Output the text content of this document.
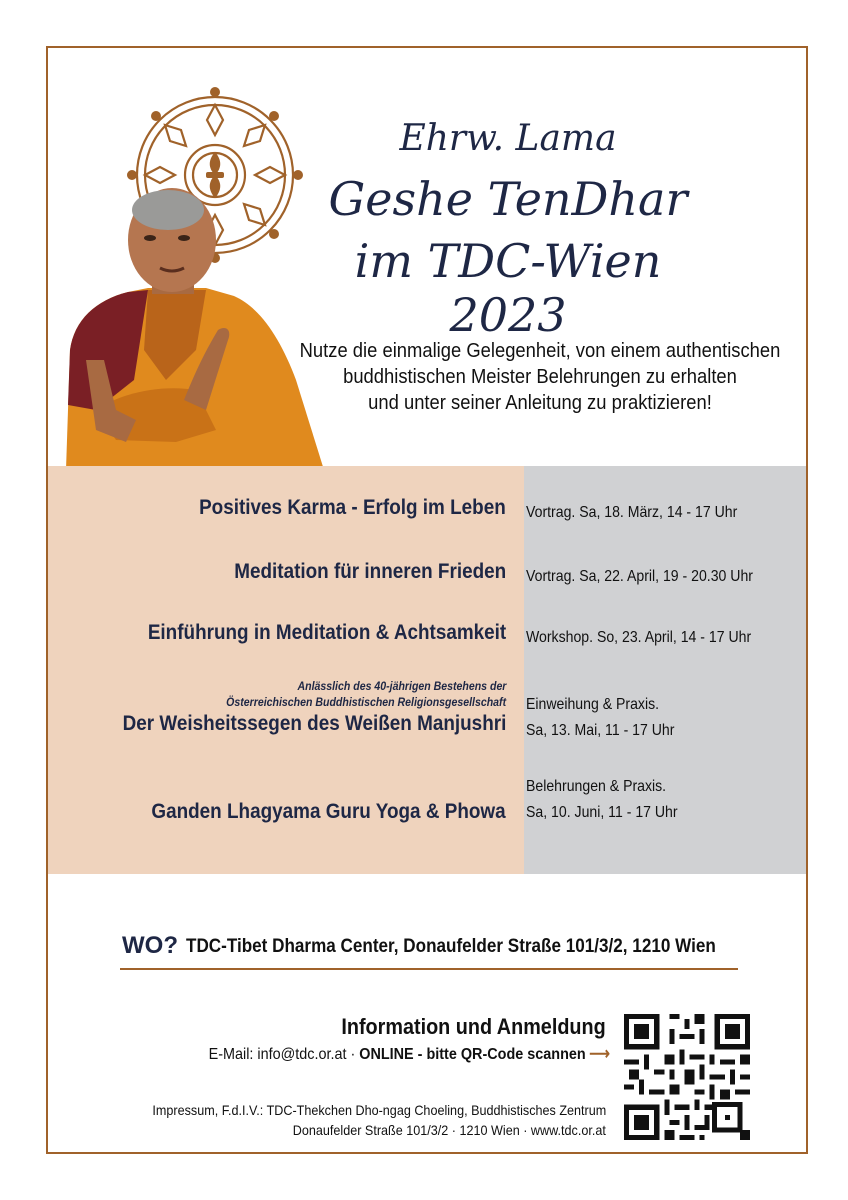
Ehrw. Lama
Geshe TenDhar
im TDC-Wien 2023
Nutze die einmalige Gelegenheit, von einem authentischen
buddhistischen Meister Belehrungen zu erhalten
und unter seiner Anleitung zu praktizieren!
Positives Karma - Erfolg im Leben Vortrag. Sa, 18. März, 14 - 17 Uhr
Meditation für inneren Frieden Vortrag. Sa, 22. April, 19 - 20.30 Uhr
Einführung in Meditation & Achtsamkeit Workshop. So, 23. April, 14 - 17 Uhr
Anlässlich des 40-jährigen Bestehens der
Österreichischen Buddhistischen Religionsgesellschaft
Der Weisheitssegen des Weißen Manjushri
Einweihung & Praxis.
Sa, 13. Mai, 11 - 17 Uhr
Ganden Lhagyama Guru Yoga & Phowa
Belehrungen & Praxis.
Sa, 10. Juni, 11 - 17 Uhr
WO? TDC-Tibet Dharma Center, Donaufelder Straße 101/3/2, 1210 Wien
Information und Anmeldung
E-Mail: info@tdc.or.at · ONLINE - bitte QR-Code scannen ⟶
Impressum, F.d.I.V.: TDC-Thekchen Dho-ngag Choeling, Buddhistisches Zentrum
Donaufelder Straße 101/3/2 · 1210 Wien · www.tdc.or.at
